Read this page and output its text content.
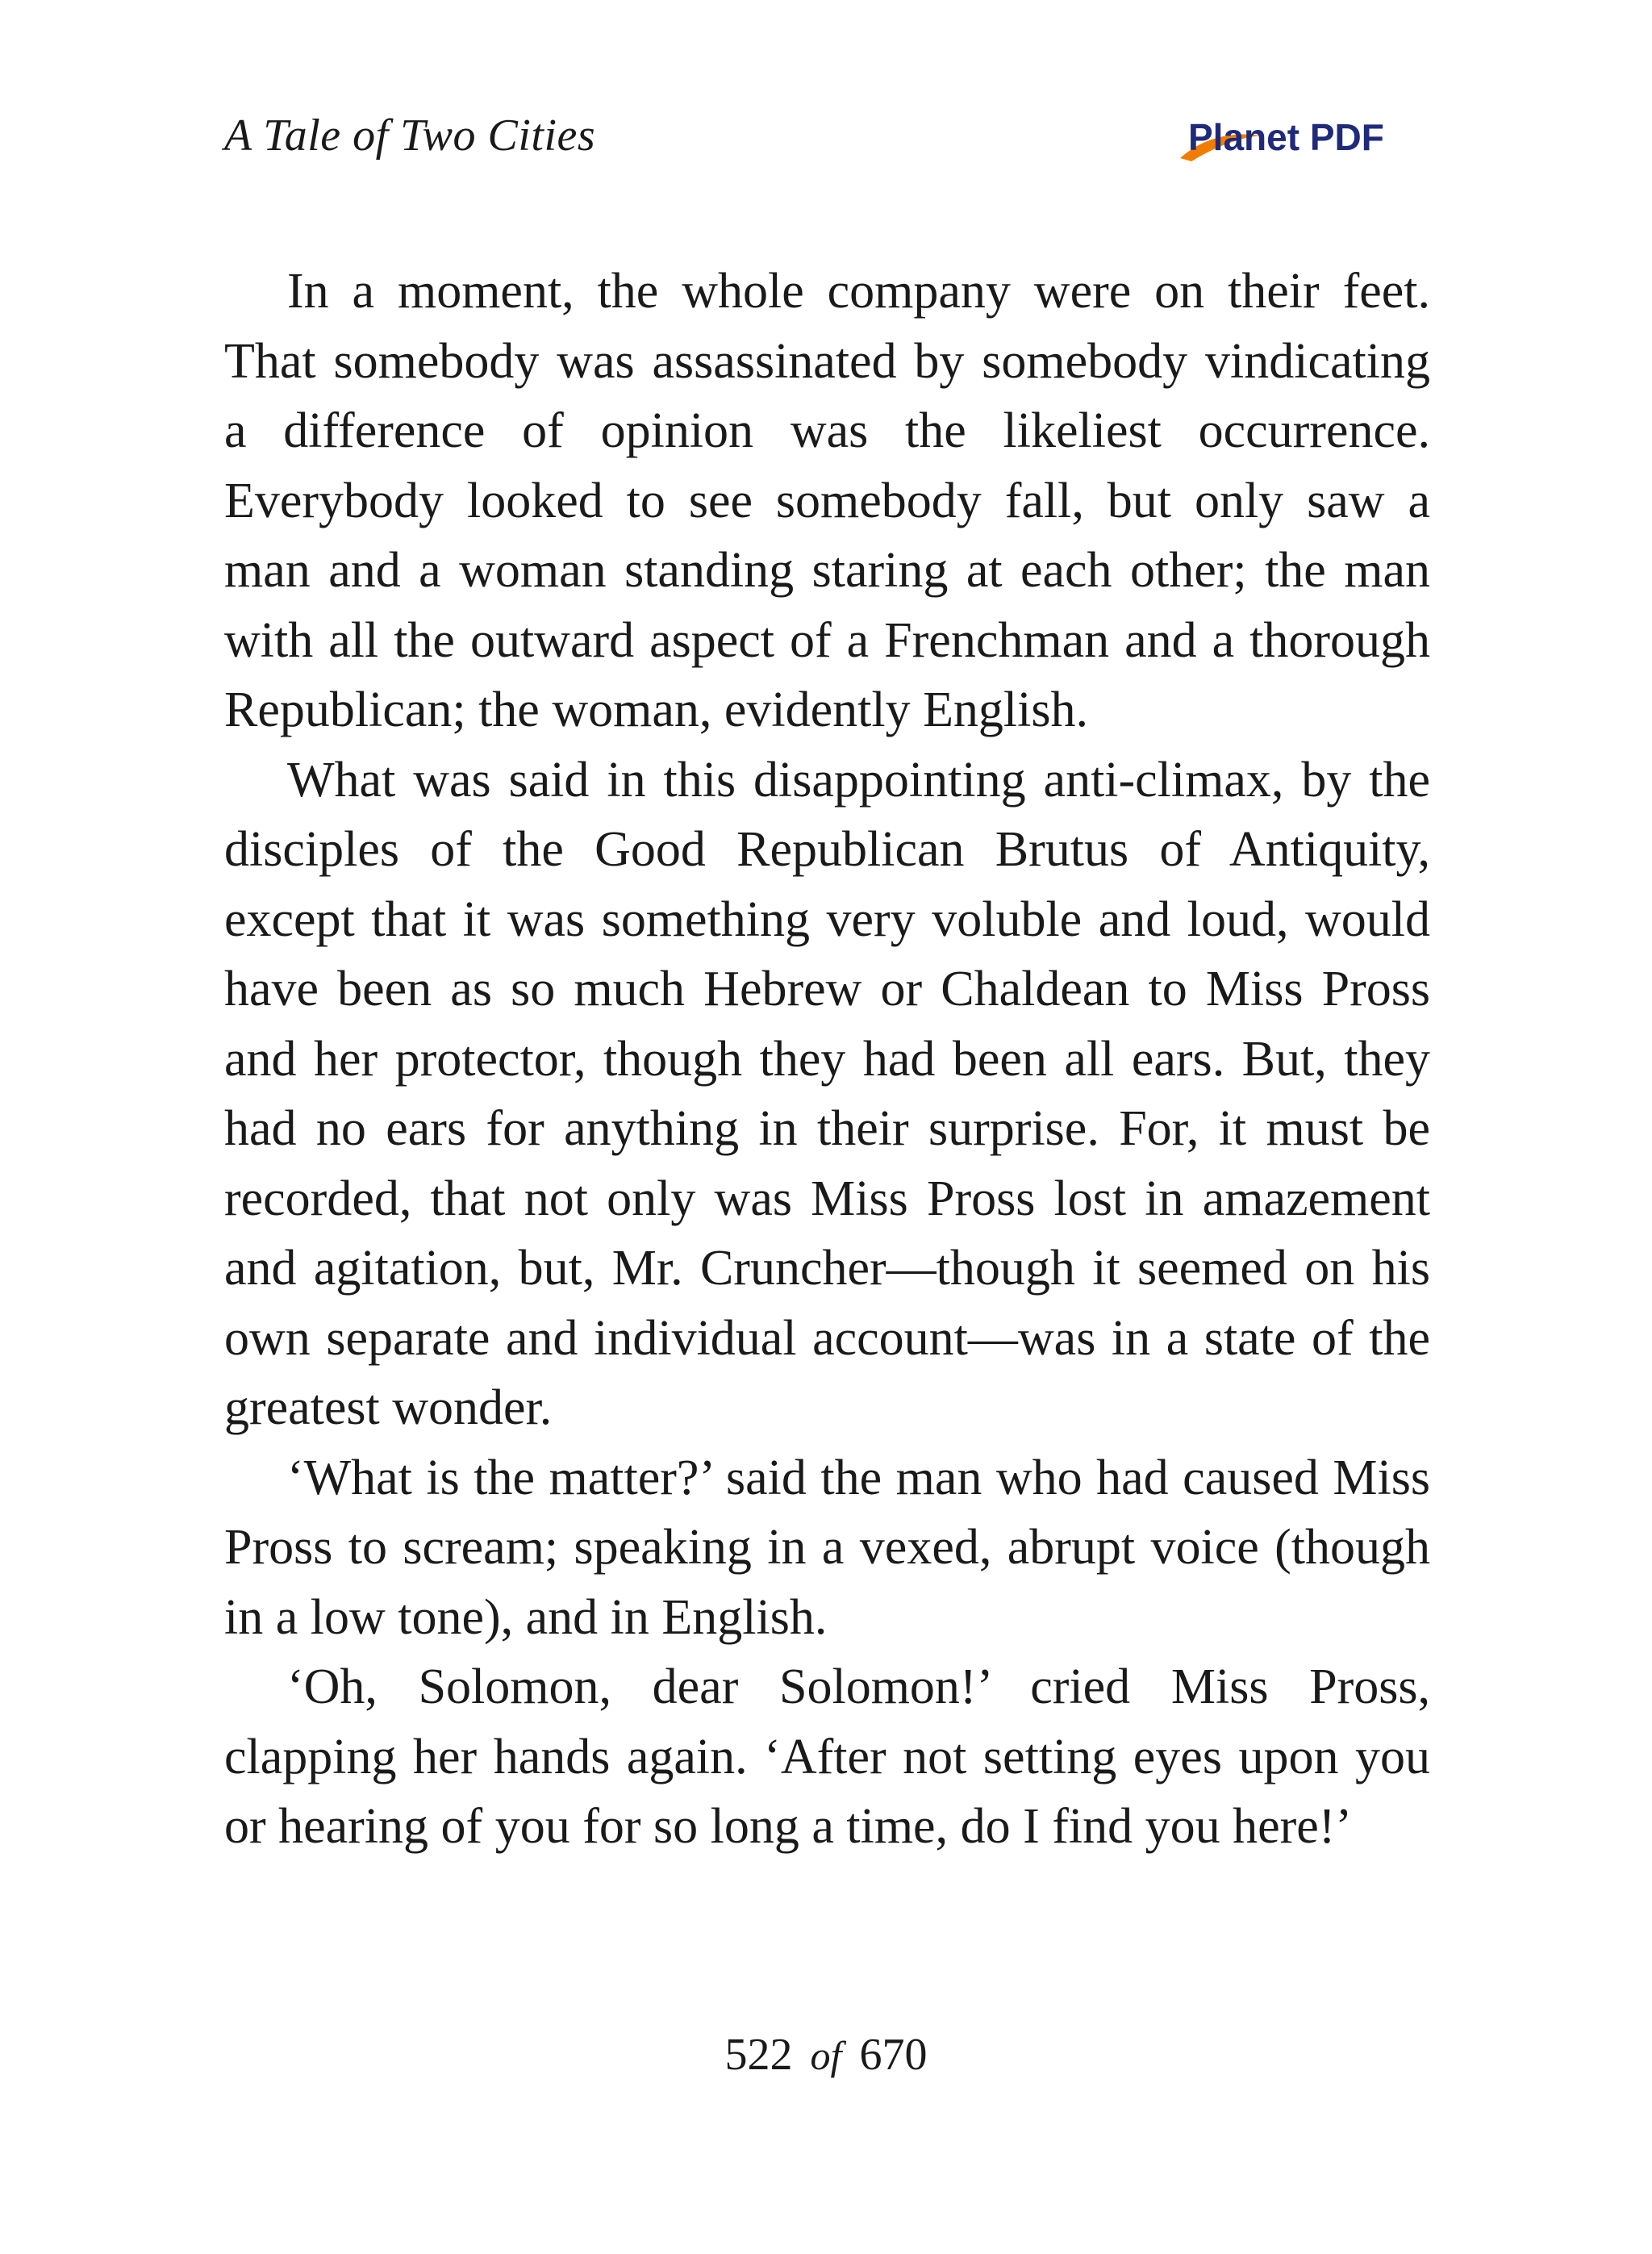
A Tale of Two Cities	Planet PDF

In a moment, the whole company were on their feet. That somebody was assassinated by somebody vindicating a difference of opinion was the likeliest occurrence. Everybody looked to see somebody fall, but only saw a man and a woman standing staring at each other; the man with all the outward aspect of a Frenchman and a thorough Republican; the woman, evidently English.

What was said in this disappointing anti-climax, by the disciples of the Good Republican Brutus of Antiquity, except that it was something very voluble and loud, would have been as so much Hebrew or Chaldean to Miss Pross and her protector, though they had been all ears. But, they had no ears for anything in their surprise. For, it must be recorded, that not only was Miss Pross lost in amazement and agitation, but, Mr. Cruncher—though it seemed on his own separate and individual account—was in a state of the greatest wonder.

‘What is the matter?’ said the man who had caused Miss Pross to scream; speaking in a vexed, abrupt voice (though in a low tone), and in English.

‘Oh, Solomon, dear Solomon!’ cried Miss Pross, clapping her hands again. ‘After not setting eyes upon you or hearing of you for so long a time, do I find you here!’

522 of 670
